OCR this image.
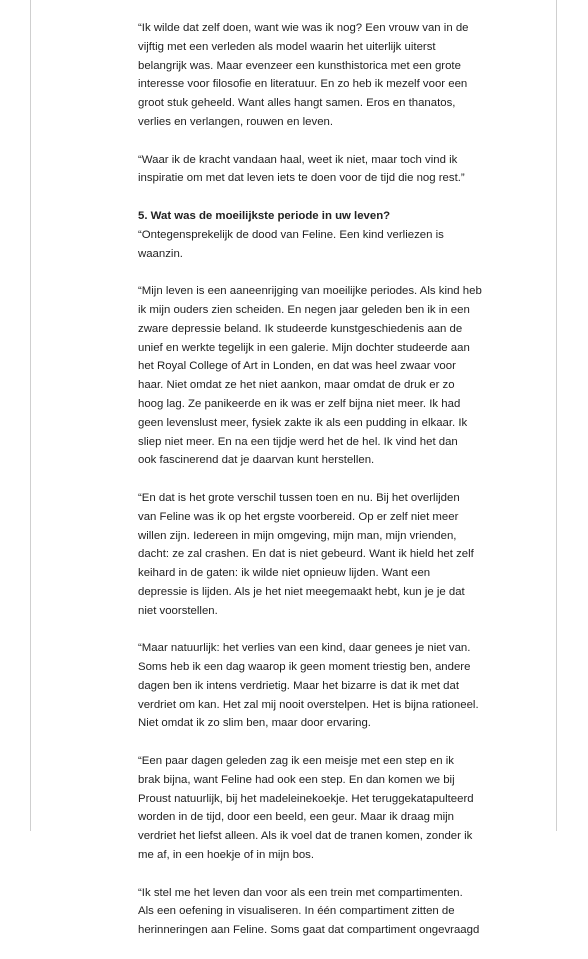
“Ik wilde dat zelf doen, want wie was ik nog? Een vrouw van in de
vijftig met een verleden als model waarin het uiterlijk uiterst
belangrijk was. Maar evenzeer een kunsthistorica met een grote
interesse voor filosofie en literatuur. En zo heb ik mezelf voor een
groot stuk geheeld. Want alles hangt samen. Eros en thanatos,
verlies en verlangen, rouwen en leven.
“Waar ik de kracht vandaan haal, weet ik niet, maar toch vind ik
inspiratie om met dat leven iets te doen voor de tijd die nog rest.”
5. Wat was de moeilijkste periode in uw leven?
“Ontegensprekelijk de dood van Feline. Een kind verliezen is
waanzin.
“Mijn leven is een aaneenrijging van moeilijke periodes. Als kind heb
ik mijn ouders zien scheiden. En negen jaar geleden ben ik in een
zware depressie beland. Ik studeerde kunstgeschiedenis aan de
unief en werkte tegelijk in een galerie. Mijn dochter studeerde aan
het Royal College of Art in Londen, en dat was heel zwaar voor
haar. Niet omdat ze het niet aankon, maar omdat de druk er zo
hoog lag. Ze panikeerde en ik was er zelf bijna niet meer. Ik had
geen levenslust meer, fysiek zakte ik als een pudding in elkaar. Ik
sliep niet meer. En na een tijdje werd het de hel. Ik vind het dan
ook fascinerend dat je daarvan kunt herstellen.
“En dat is het grote verschil tussen toen en nu. Bij het overlijden
van Feline was ik op het ergste voorbereid. Op er zelf niet meer
willen zijn. Iedereen in mijn omgeving, mijn man, mijn vrienden,
dacht: ze zal crashen. En dat is niet gebeurd. Want ik hield het zelf
keihard in de gaten: ik wilde niet opnieuw lijden. Want een
depressie is lijden. Als je het niet meegemaakt hebt, kun je je dat
niet voorstellen.
“Maar natuurlijk: het verlies van een kind, daar genees je niet van.
Soms heb ik een dag waarop ik geen moment triestig ben, andere
dagen ben ik intens verdrietig. Maar het bizarre is dat ik met dat
verdriet om kan. Het zal mij nooit overstelpen. Het is bijna rationeel.
Niet omdat ik zo slim ben, maar door ervaring.
“Een paar dagen geleden zag ik een meisje met een step en ik
brak bijna, want Feline had ook een step. En dan komen we bij
Proust natuurlijk, bij het madeleinekoekje. Het teruggekatapulteerd
worden in de tijd, door een beeld, een geur. Maar ik draag mijn
verdriet het liefst alleen. Als ik voel dat de tranen komen, zonder ik
me af, in een hoekje of in mijn bos.
“Ik stel me het leven dan voor als een trein met compartimenten.
Als een oefening in visualiseren. In één compartiment zitten de
herinneringen aan Feline. Soms gaat dat compartiment ongevraagd
